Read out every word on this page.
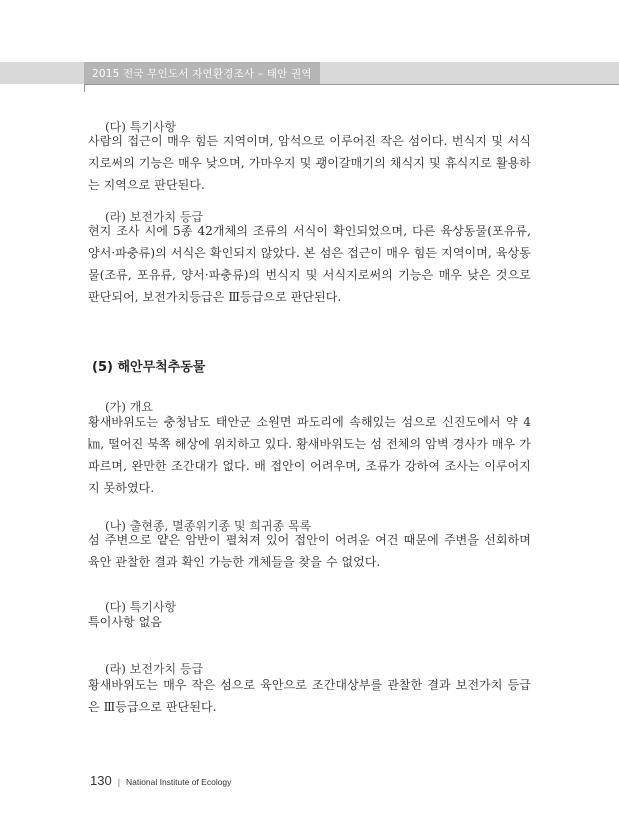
2015 전국 무인도서 자연환경조사 – 태안 권역
(다) 특기사항

사람의 접근이 매우 힘든 지역이며, 암석으로 이루어진 작은 섬이다. 번식지 및 서식지로써의 기능은 매우 낮으며, 가마우지 및 괭이갈매기의 채식지 및 휴식지로 활용하는 지역으로 판단된다.

(라) 보전가치 등급

현지 조사 시에 5종 42개체의 조류의 서식이 확인되었으며, 다른 육상동물(포유류, 양서·파충류)의 서식은 확인되지 않았다. 본 섬은 접근이 매우 힘든 지역이며, 육상동물(조류, 포유류, 양서·파충류)의 번식지 및 서식지로써의 기능은 매우 낮은 것으로 판단되어, 보전가치등급은 Ⅲ등급으로 판단된다.

(5) 해안무척추동물
(가) 개요

황새바위도는 충청남도 태안군 소원면 파도리에 속해있는 섬으로 신진도에서 약 4㎞, 떨어진 북쪽 해상에 위치하고 있다. 황새바위도는 섬 전체의 암벽 경사가 매우 가파르며, 완만한 조간대가 없다. 배 접안이 어려우며, 조류가 강하여 조사는 이루어지지 못하였다.

(나) 출현종, 멸종위기종 및 희귀종 목록

섬 주변으로 얕은 암반이 펼쳐져 있어 접안이 어려운 여건 때문에 주변을 선회하며 육안 관찰한 결과 확인 가능한 개체들을 찾을 수 없었다.

(다) 특기사항

특이사항 없음

(라) 보전가치 등급

황새바위도는 매우 작은 섬으로 육안으로 조간대상부를 관찰한 결과 보전가치 등급은 Ⅲ등급으로 판단된다.

130 | National Institute of Ecology
